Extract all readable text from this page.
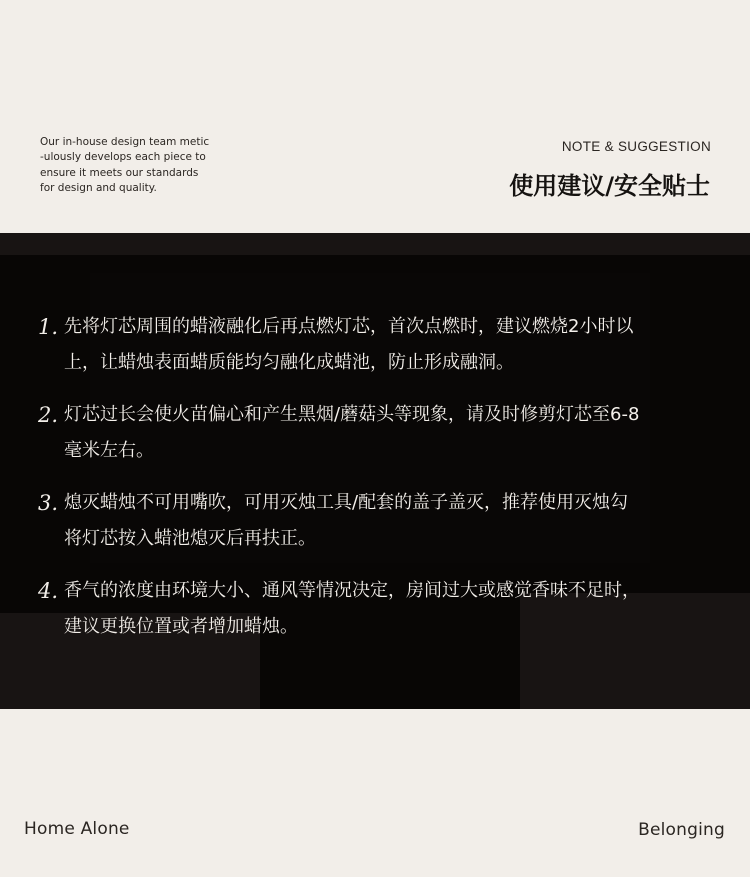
Our in-house design team metic
-ulously develops each piece to
ensure it meets our standards
for design and quality.

NOTE & SUGGESTION
使用建议/安全贴士
1. 先将灯芯周围的蜡液融化后再点燃灯芯，首次点燃时，建议燃烧2小时以
上，让蜡烛表面蜡质能均匀融化成蜡池，防止形成融洞。
2. 灯芯过长会使火苗偏心和产生黑烟/蘑菇头等现象，请及时修剪灯芯至6-8
毫米左右。
3. 熄灭蜡烛不可用嘴吹，可用灭烛工具/配套的盖子盖灭，推荐使用灭烛勾
将灯芯按入蜡池熄灭后再扶正。
4. 香气的浓度由环境大小、通风等情况决定，房间过大或感觉香味不足时，
建议更换位置或者增加蜡烛。
Home Alone	Belonging
